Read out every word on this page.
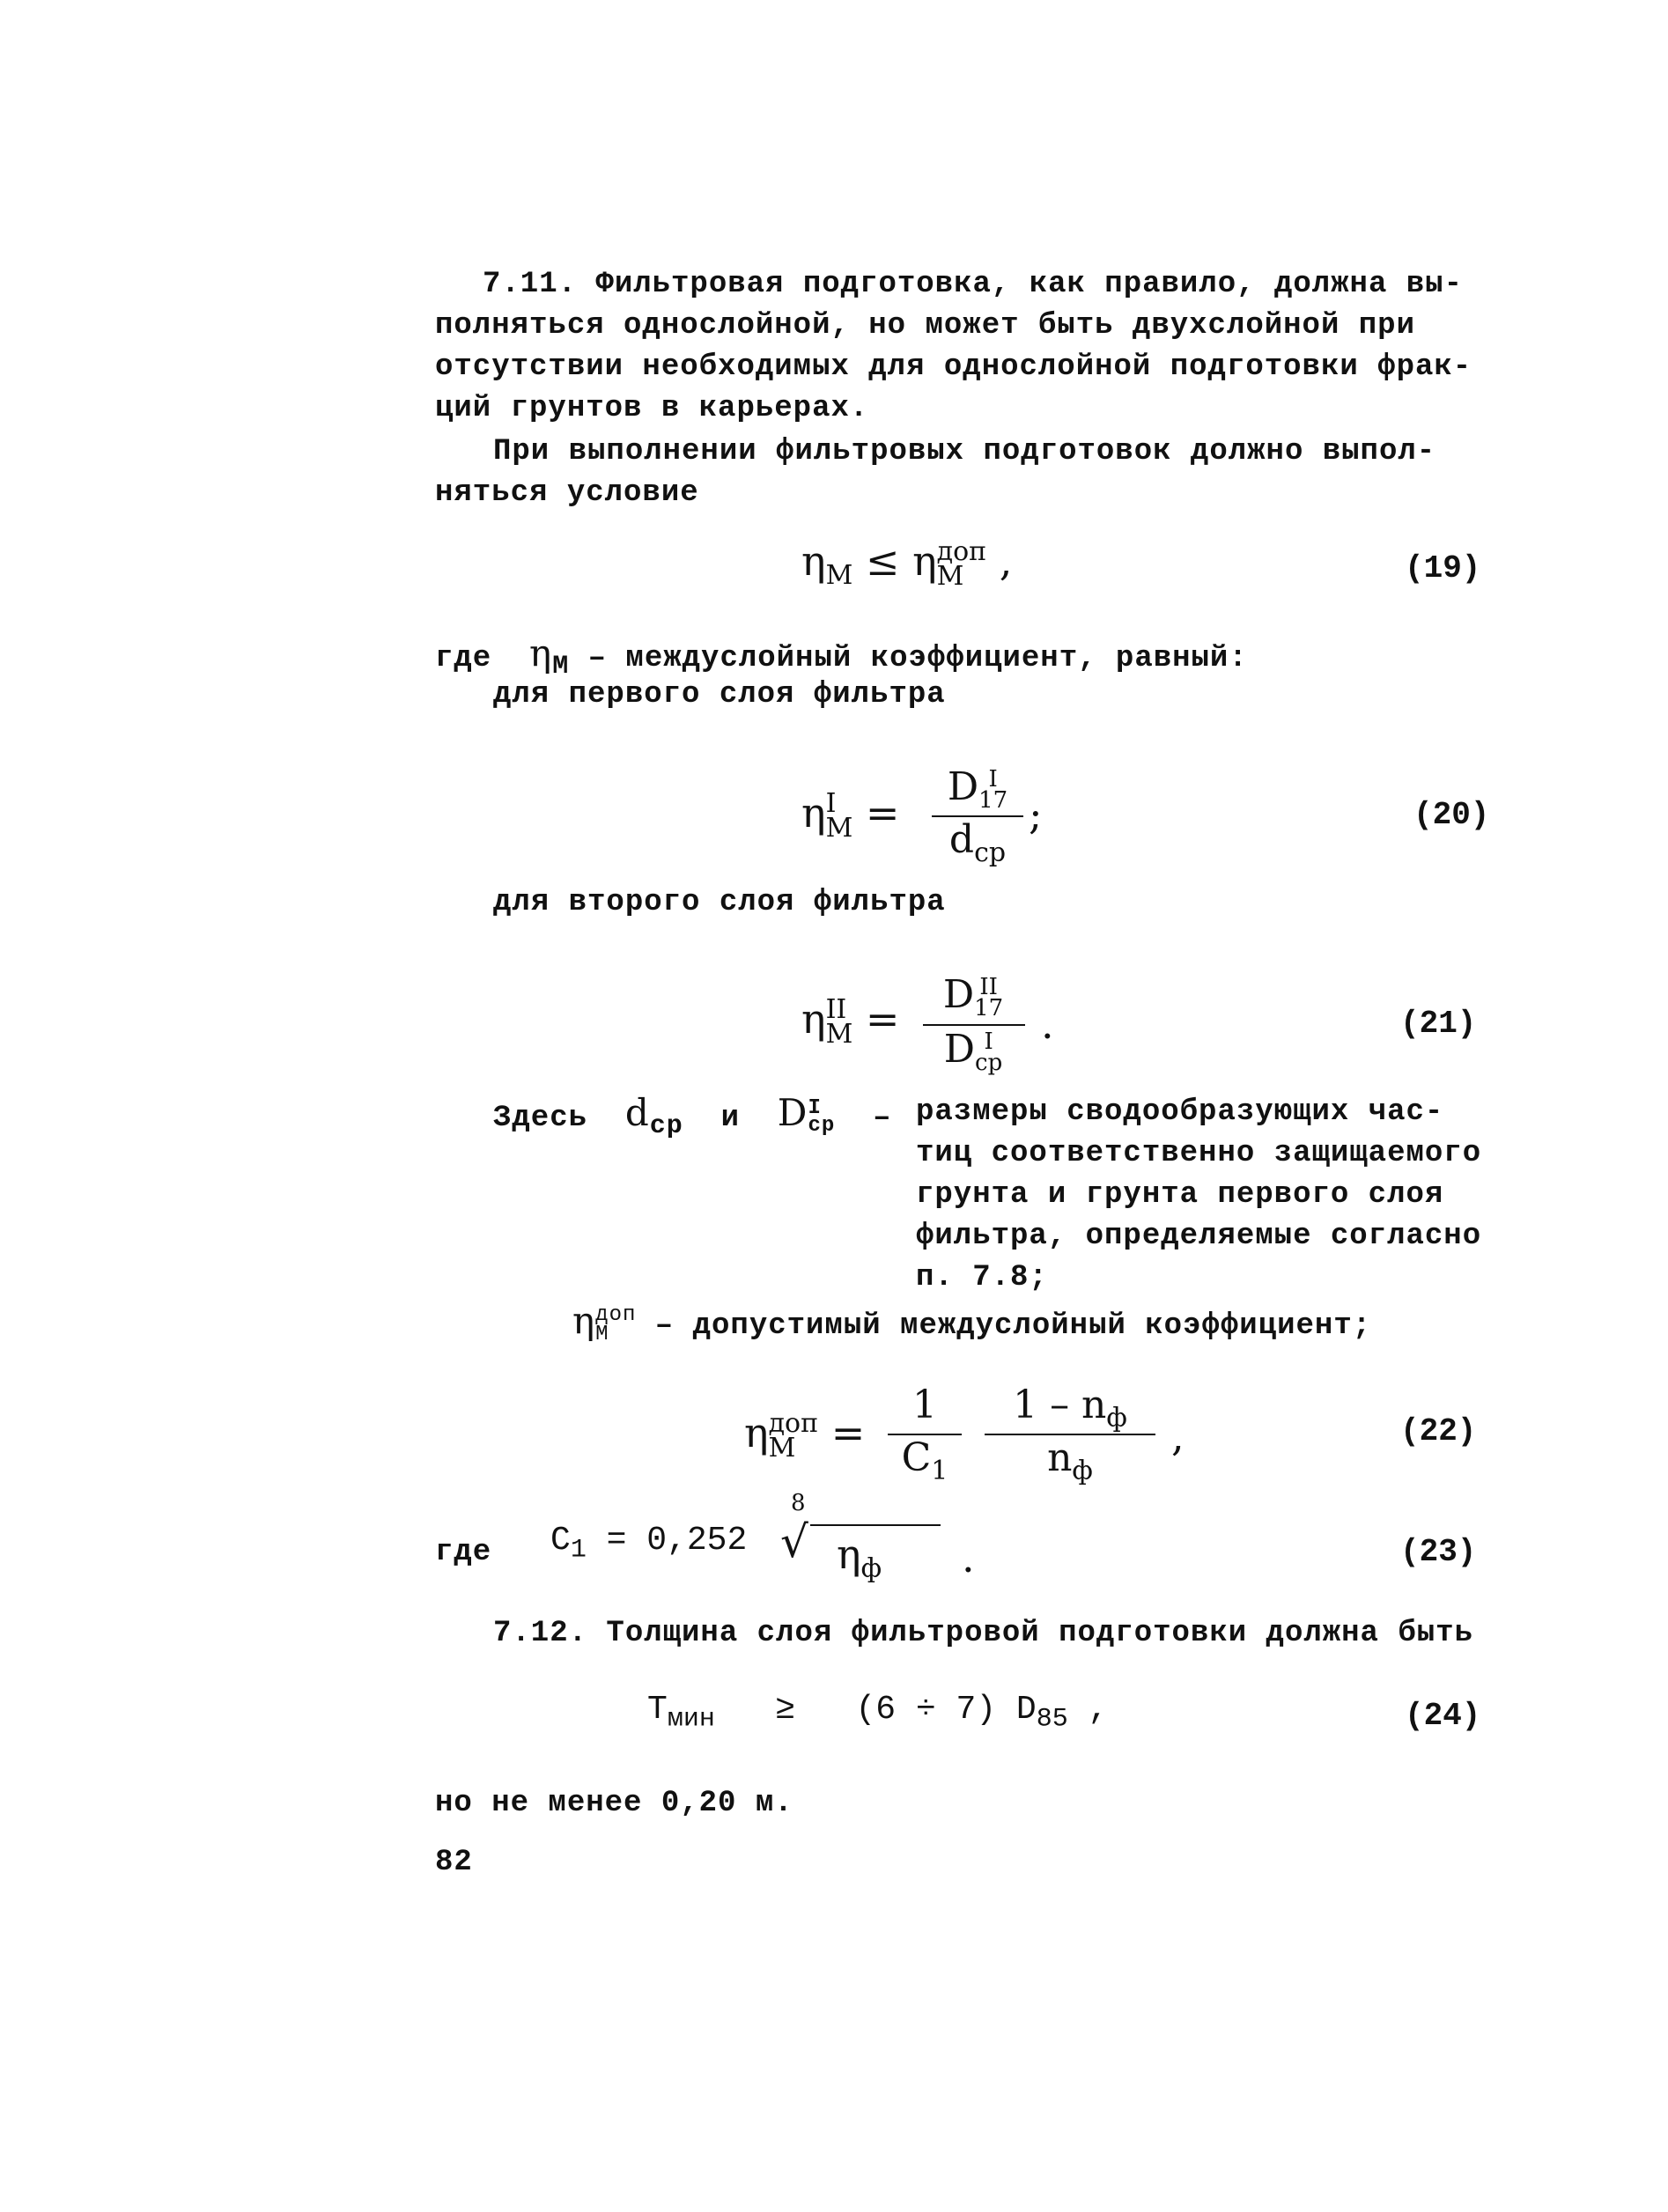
7.11. Фильтровая подготовка, как правило, должна вы-
полняться однослойной, но может быть двухслойной при
отсутствии необходимых для однослойной подготовки фрак-
ций грунтов в карьерах.
При выполнении фильтровых подготовок должно выпол-
няться условие
$\eta_М \le \eta$ доп
М ,	(19)
где $\eta_М$ – междуслойный коэффициент, равный:
для первого слоя фильтра
η I
М =
D I
17
$d_{ср}$
;	(20)
для второго слоя фильтра
η II
М =
D II
17
D I
ср
.	(21)
Здесь $d_{ср}$ и D I
ср – размеры сводообразующих час-
тиц соответственно защищаемого
грунта и грунта первого слоя
фильтра, определяемые согласно
п. 7.8;
η доп
М	– допустимый междуслойный коэффициент;
η доп
М =
1
$C_1$
$1 - n_ф$
$n_ф$
,	(22)
где $C_1 = 0,252$
8
√ $\eta_ф$ .	(23)
7.12. Толщина слоя фильтровой подготовки должна быть
$T_{мин} \ge (6 \div 7)$ $D_{85}$ ,	(24)
но не менее 0,20 м.
82
